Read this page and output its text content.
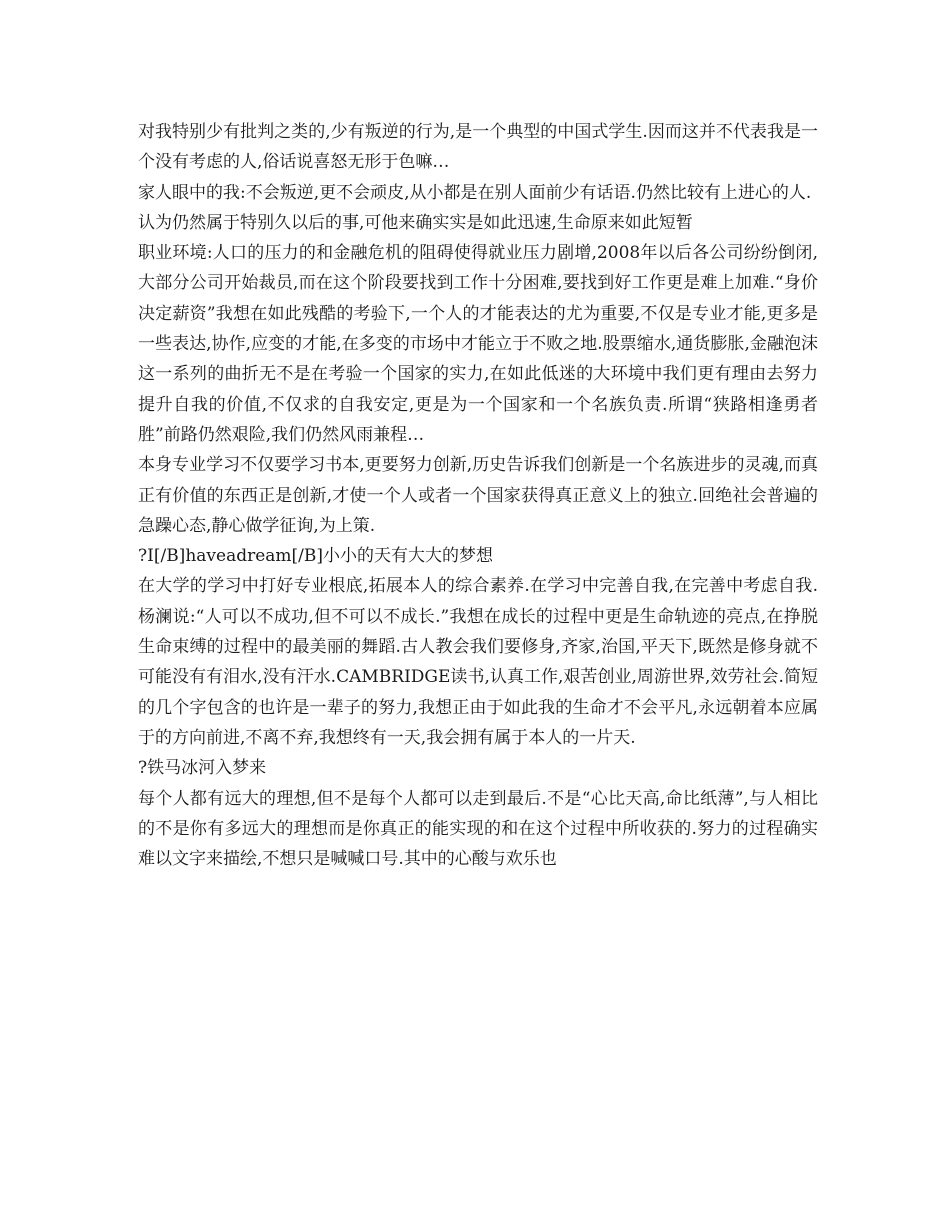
对我特别少有批判之类的,少有叛逆的行为,是一个典型的中国式学生.因而这并不代表我是一个没有考虑的人,俗话说喜怒无形于色嘛…

家人眼中的我:不会叛逆,更不会顽皮,从小都是在别人面前少有话语.仍然比较有上进心的人.

认为仍然属于特别久以后的事,可他来确实实是如此迅速,生命原来如此短暂

职业环境:人口的压力的和金融危机的阻碍使得就业压力剧增,2008年以后各公司纷纷倒闭,大部分公司开始裁员,而在这个阶段要找到工作十分困难,要找到好工作更是难上加难.“身价决定薪资”我想在如此残酷的考验下,一个人的才能表达的尤为重要,不仅是专业才能,更多是一些表达,协作,应变的才能,在多变的市场中才能立于不败之地.股票缩水,通货膨胀,金融泡沫这一系列的曲折无不是在考验一个国家的实力,在如此低迷的大环境中我们更有理由去努力提升自我的价值,不仅求的自我安定,更是为一个国家和一个名族负责.所谓“狭路相逢勇者胜”前路仍然艰险,我们仍然风雨兼程…

本身专业学习不仅要学习书本,更要努力创新,历史告诉我们创新是一个名族进步的灵魂,而真正有价值的东西正是创新,才使一个人或者一个国家获得真正意义上的独立.回绝社会普遍的急躁心态,静心做学征询,为上策.

?I[/B]haveadream[/B]小小的天有大大的梦想

在大学的学习中打好专业根底,拓展本人的综合素养.在学习中完善自我,在完善中考虑自我.杨澜说:“人可以不成功,但不可以不成长.”我想在成长的过程中更是生命轨迹的亮点,在挣脱生命束缚的过程中的最美丽的舞蹈.古人教会我们要修身,齐家,治国,平天下,既然是修身就不可能没有有泪水,没有汗水.CAMBRIDGE读书,认真工作,艰苦创业,周游世界,效劳社会.简短的几个字包含的也许是一辈子的努力,我想正由于如此我的生命才不会平凡,永远朝着本应属于的方向前进,不离不弃,我想终有一天,我会拥有属于本人的一片天.

?铁马冰河入梦来

每个人都有远大的理想,但不是每个人都可以走到最后.不是“心比天高,命比纸薄”,与人相比的不是你有多远大的理想而是你真正的能实现的和在这个过程中所收获的.努力的过程确实难以文字来描绘,不想只是喊喊口号.其中的心酸与欢乐也
